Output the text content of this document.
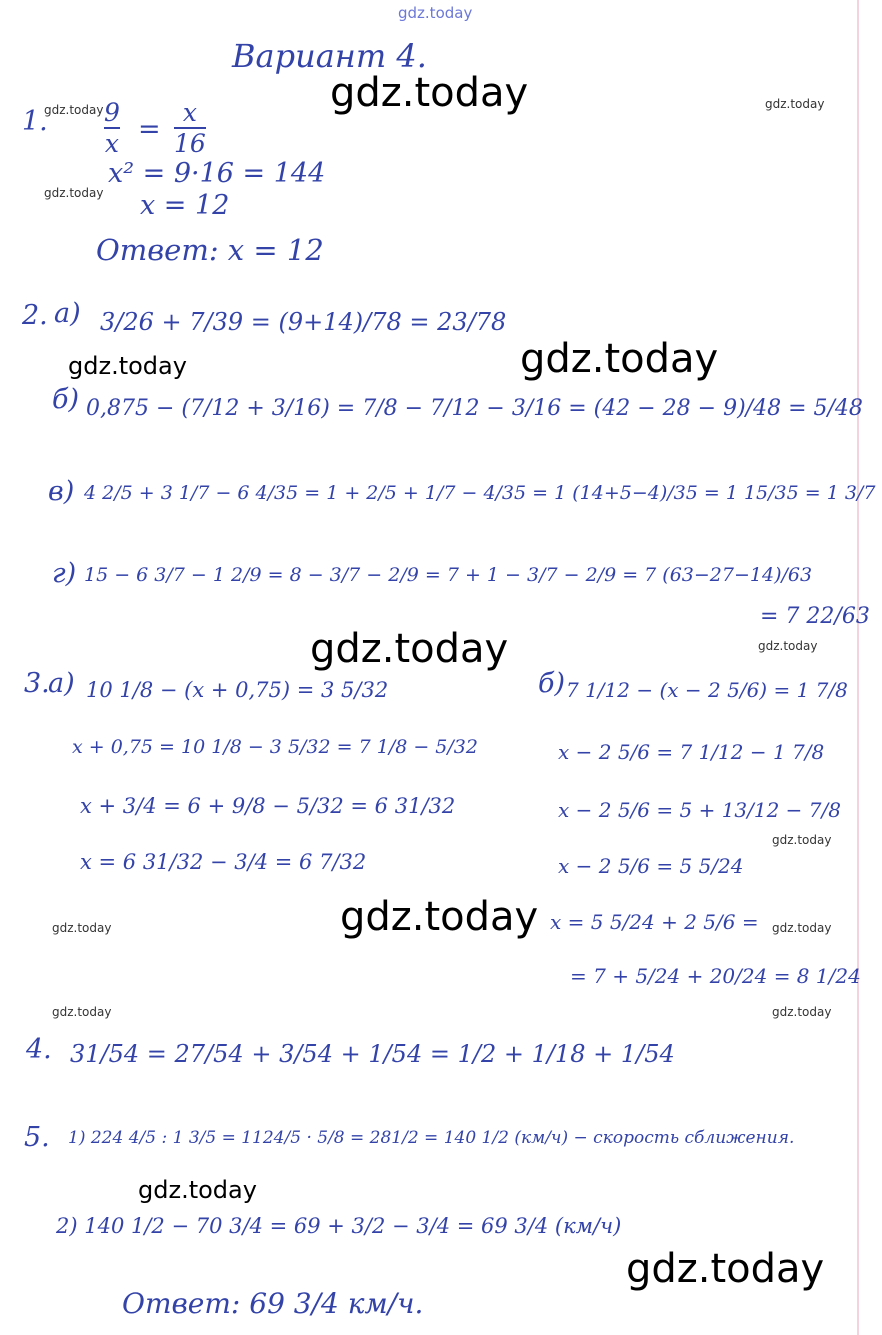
gdz.today
gdz.today
gdz.today
gdz.today
gdz.today
gdz.today
gdz.today
gdz.today
gdz.today
gdz.today
gdz.today
gdz.today
gdz.today
gdz.today	gdz.today
gdz.today	gdz.today
Вариант 4.
1. 9
x =
x
16
x² = 9·16 = 144
x = 12
Ответ: x = 12
2. а) 3/26 + 7/39 = (9+14)/78 = 23/78
б) 0,875 − (7/12 + 3/16) = 7/8 − 7/12 − 3/16 = (42 − 28 − 9)/48 = 5/48
в) 4 2/5 + 3 1/7 − 6 4/35 = 1 + 2/5 + 1/7 − 4/35 = 1 (14+5−4)/35 = 1 15/35 = 1 3/7
г) 15 − 6 3/7 − 1 2/9 = 8 − 3/7 − 2/9 = 7 + 1 − 3/7 − 2/9 = 7 (63−27−14)/63
= 7 22/63
3.
а) 10 1/8 − (x + 0,75) = 3 5/32
x + 0,75 = 10 1/8 − 3 5/32 = 7 1/8 − 5/32
x + 3/4 = 6 + 9/8 − 5/32 = 6 31/32
x = 6 31/32 − 3/4 = 6 7/32
б) 7 1/12 − (x − 2 5/6) = 1 7/8
x − 2 5/6 = 7 1/12 − 1 7/8
x − 2 5/6 = 5 + 13/12 − 7/8
x − 2 5/6 = 5 5/24
x = 5 5/24 + 2 5/6 =
= 7 + 5/24 + 20/24 = 8 1/24
4. 31/54 = 27/54 + 3/54 + 1/54 = 1/2 + 1/18 + 1/54
5. 1) 224 4/5 : 1 3/5 = 1124/5 · 5/8 = 281/2 = 140 1/2 (км/ч) − скорость сближения.
2) 140 1/2 − 70 3/4 = 69 + 3/2 − 3/4 = 69 3/4 (км/ч)
Ответ: 69 3/4 км/ч.
